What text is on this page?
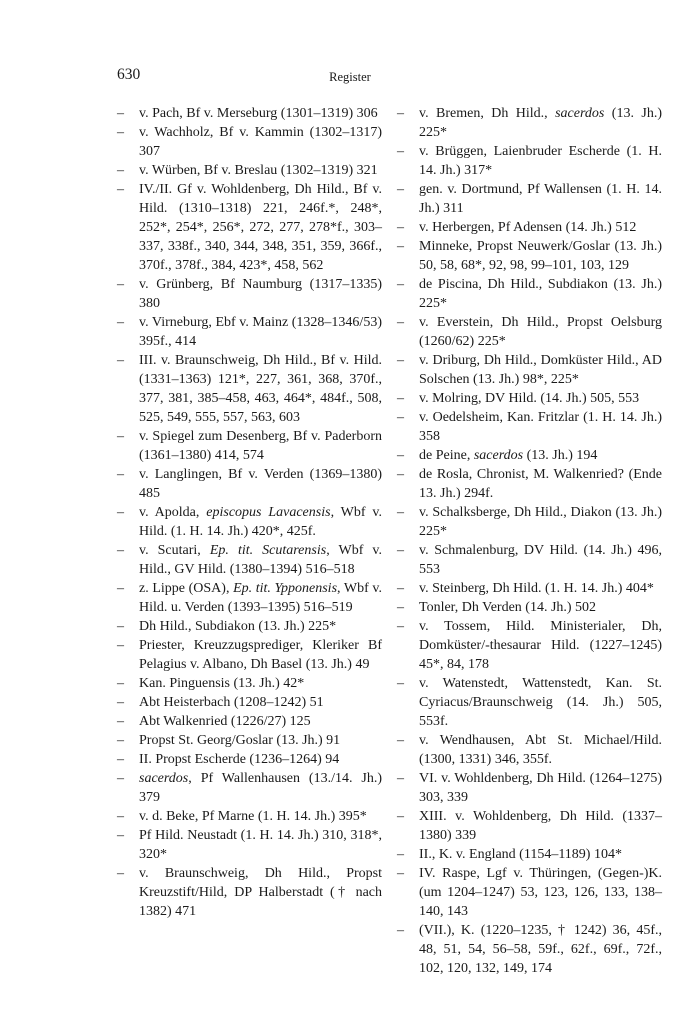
630	Register
– v. Pach, Bf v. Merseburg (1301–1319) 306
– v. Wachholz, Bf v. Kammin (1302–1317) 307
– v. Würben, Bf v. Breslau (1302–1319) 321
– IV./II. Gf v. Wohldenberg, Dh Hild., Bf v. Hild. (1310–1318) 221, 246f.*, 248*, 252*, 254*, 256*, 272, 277, 278*f., 303–337, 338f., 340, 344, 348, 351, 359, 366f., 370f., 378f., 384, 423*, 458, 562
– v. Grünberg, Bf Naumburg (1317–1335) 380
– v. Virneburg, Ebf v. Mainz (1328–1346/53) 395f., 414
– III. v. Braunschweig, Dh Hild., Bf v. Hild. (1331–1363) 121*, 227, 361, 368, 370f., 377, 381, 385–458, 463, 464*, 484f., 508, 525, 549, 555, 557, 563, 603
– v. Spiegel zum Desenberg, Bf v. Paderborn (1361–1380) 414, 574
– v. Langlingen, Bf v. Verden (1369–1380) 485
– v. Apolda, episcopus Lavacensis, Wbf v. Hild. (1. H. 14. Jh.) 420*, 425f.
– v. Scutari, Ep. tit. Scutarensis, Wbf v. Hild., GV Hild. (1380–1394) 516–518
– z. Lippe (OSA), Ep. tit. Ypponensis, Wbf v. Hild. u. Verden (1393–1395) 516–519
– Dh Hild., Subdiakon (13. Jh.) 225*
– Priester, Kreuzzugsprediger, Kleriker Bf Pelagius v. Albano, Dh Basel (13. Jh.) 49
– Kan. Pinguensis (13. Jh.) 42*
– Abt Heisterbach (1208–1242) 51
– Abt Walkenried (1226/27) 125
– Propst St. Georg/Goslar (13. Jh.) 91
– II. Propst Escherde (1236–1264) 94
– sacerdos, Pf Wallenhausen (13./14. Jh.) 379
– v. d. Beke, Pf Marne (1. H. 14. Jh.) 395*
– Pf Hild. Neustadt (1. H. 14. Jh.) 310, 318*, 320*
– v. Braunschweig, Dh Hild., Propst Kreuzstift/Hild, DP Halberstadt († nach 1382) 471
– v. Bremen, Dh Hild., sacerdos (13. Jh.) 225*
– v. Brüggen, Laienbruder Escherde (1. H. 14. Jh.) 317*
– gen. v. Dortmund, Pf Wallensen (1. H. 14. Jh.) 311
– v. Herbergen, Pf Adensen (14. Jh.) 512
– Minneke, Propst Neuwerk/Goslar (13. Jh.) 50, 58, 68*, 92, 98, 99–101, 103, 129
– de Piscina, Dh Hild., Subdiakon (13. Jh.) 225*
– v. Everstein, Dh Hild., Propst Oelsburg (1260/62) 225*
– v. Driburg, Dh Hild., Domküster Hild., AD Solschen (13. Jh.) 98*, 225*
– v. Molring, DV Hild. (14. Jh.) 505, 553
– v. Oedelsheim, Kan. Fritzlar (1. H. 14. Jh.) 358
– de Peine, sacerdos (13. Jh.) 194
– de Rosla, Chronist, M. Walkenried? (Ende 13. Jh.) 294f.
– v. Schalksberge, Dh Hild., Diakon (13. Jh.) 225*
– v. Schmalenburg, DV Hild. (14. Jh.) 496, 553
– v. Steinberg, Dh Hild. (1. H. 14. Jh.) 404*
– Tonler, Dh Verden (14. Jh.) 502
– v. Tossem, Hild. Ministerialer, Dh, Domküster/-thesaurar Hild. (1227–1245) 45*, 84, 178
– v. Watenstedt, Wattenstedt, Kan. St. Cyriacus/Braunschweig (14. Jh.) 505, 553f.
– v. Wendhausen, Abt St. Michael/Hild. (1300, 1331) 346, 355f.
– VI. v. Wohldenberg, Dh Hild. (1264–1275) 303, 339
– XIII. v. Wohldenberg, Dh Hild. (1337–1380) 339
– II., K. v. England (1154–1189) 104*
– IV. Raspe, Lgf v. Thüringen, (Gegen-)K. (um 1204–1247) 53, 123, 126, 133, 138–140, 143
– (VII.), K. (1220–1235, † 1242) 36, 45f., 48, 51, 54, 56–58, 59f., 62f., 69f., 72f., 102, 120, 132, 149, 174
